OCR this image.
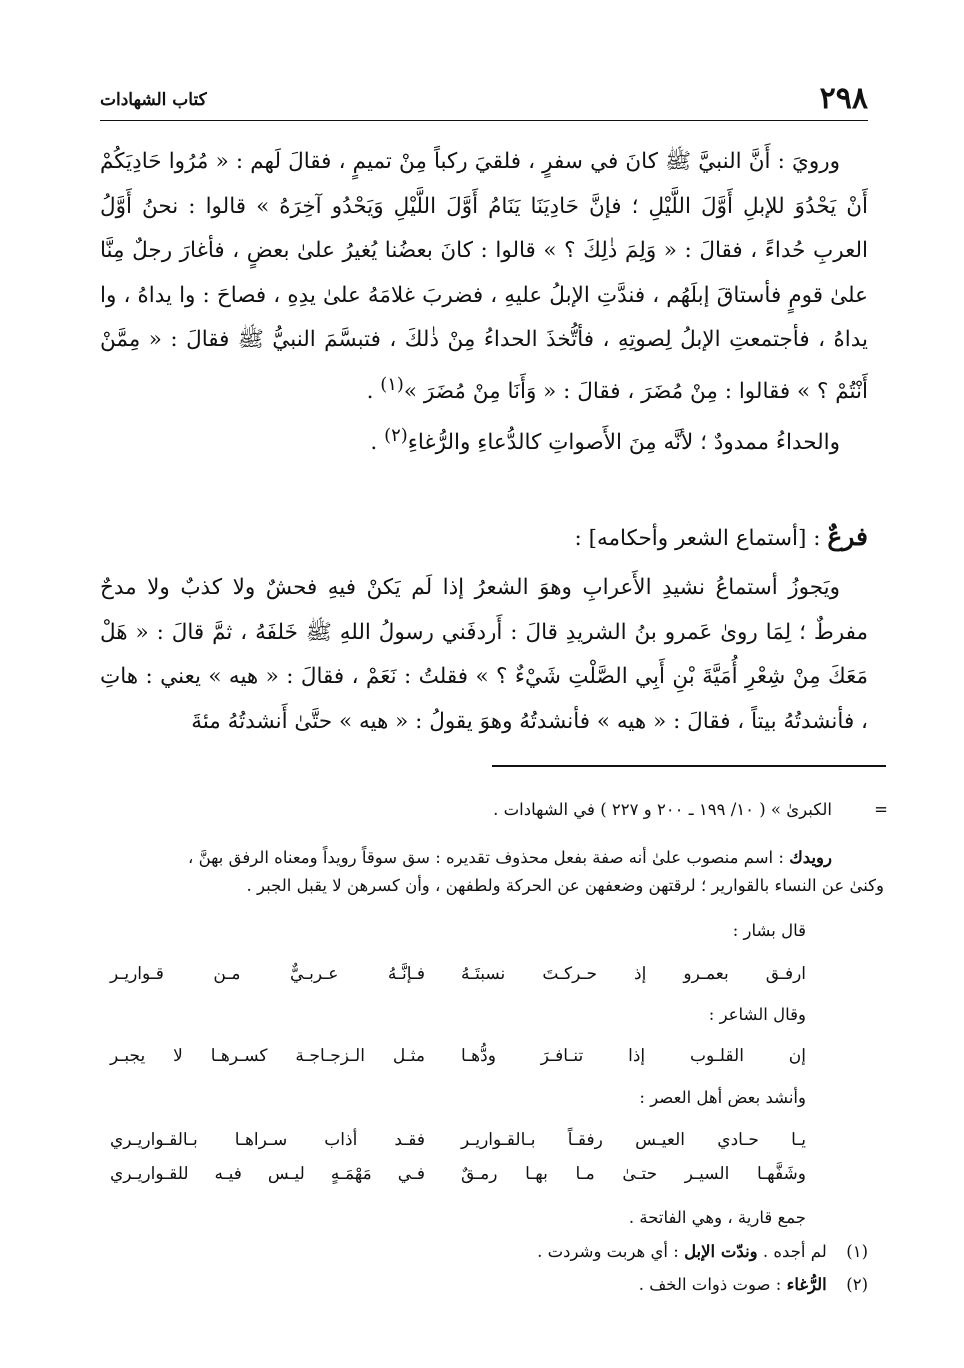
٢٩٨
كتاب الشهادات

ورويَ : أَنَّ النبيَّ ﷺ كانَ في سفرٍ ، فلقيَ ركباً مِنْ تميمٍ ، فقالَ لَهم : « مُرُوا حَادِيَكُمْ أَنْ يَحْدُوَ للإبلِ أَوَّلَ اللَّيْلِ ؛ فإنَّ حَادِيَنَا يَنَامُ أَوَّلَ اللَّيْلِ وَيَحْدُو آخِرَهُ » قالوا : نحنُ أَوَّلُ العربِ حُداءً ، فقالَ : « وَلِمَ ذٰلِكَ ؟ » قالوا : كانَ بعضُنا يُغيرُ علىٰ بعضٍ ، فأغارَ رجلٌ مِنَّا علىٰ قومٍ فأستاقَ إبلَهُم ، فندَّتِ الإبلُ عليهِ ، فضربَ غلامَهُ علىٰ يدِهِ ، فصاحَ : وا يداهُ ، وا يداهُ ، فأجتمعتِ الإبلُ لِصوتِهِ ، فأتُّخذَ الحداءُ مِنْ ذٰلكَ ، فتبسَّمَ النبيُّ ﷺ فقالَ : « مِمَّنْ أَنْتُمْ ؟ » فقالوا : مِنْ مُضَرَ ، فقالَ : « وَأَنَا مِنْ مُضَرَ »$^{(١)}$ .

والحداءُ ممدودٌ ؛ لأنَّه مِنَ الأَصواتِ كالدُّعاءِ والرُّغاءِ$^{(٢)}$ .

فرعٌ : [أستماع الشعر وأحكامه] :

ويَجوزُ أستماعُ نشيدِ الأَعرابِ وهوَ الشعرُ إذا لَم يَكنْ فيهِ فحشٌ ولا كذبٌ ولا مدحٌ مفرطٌ ؛ لِمَا روىٰ عَمرو بنُ الشريدِ قالَ : أَردفَني رسولُ اللهِ ﷺ خَلفَهُ ، ثمَّ قالَ : « هَلْ مَعَكَ مِنْ شِعْرِ أُمَيَّةَ بْنِ أَبِي الصَّلْتِ شَيْءٌ ؟ » فقلتُ : نَعَمْ ، فقالَ : « هيه » يعني : هاتِ ، فأنشدتُهُ بيتاً ، فقالَ : « هيه » فأنشدتُهُ وهوَ يقولُ : « هيه » حتَّىٰ أَنشدتُهُ مئةَ

=
الكبرىٰ » ( ١٠/ ١٩٩ ـ ٢٠٠ و ٢٢٧ ) في الشهادات .
رويدك : اسم منصوب علىٰ أنه صفة بفعل محذوف تقديره : سق سوقاً رويداً ومعناه الرفق بهنَّ ،
وكنىٰ عن النساء بالقوارير ؛ لرقتهن وضعفهن عن الحركة ولطفهن ، وأن كسرهن لا يقبل الجبر .
قال بشار :
ارفـق بعمـرو إذ حـركـتَ نسبتَـهُ
فـإنَّـهُ عـربـيٌّ مـن قـواريـر
وقال الشاعر :
إن القلـوب إذا تنـافـرَ ودُّهـا
مثـل الـزجـاجـة كسـرهـا لا يجبـر
وأنشد بعض أهل العصر :
يـا حـادي العيـس رفقـاً بـالقـواريـر
فقـد أذاب سـراهـا بـالقـواريـري
وشَفَّهـا السيـر حتـىٰ مـا بهـا رمـقٌ
فـي مَهْمَـهٍ ليـس فيـه للقـواريـري
جمع قارية ، وهي الفاتحة .
(١) لم أجده . وندّت الإبل : أي هربت وشردت .
(٢) الرُّغاء : صوت ذوات الخف .
